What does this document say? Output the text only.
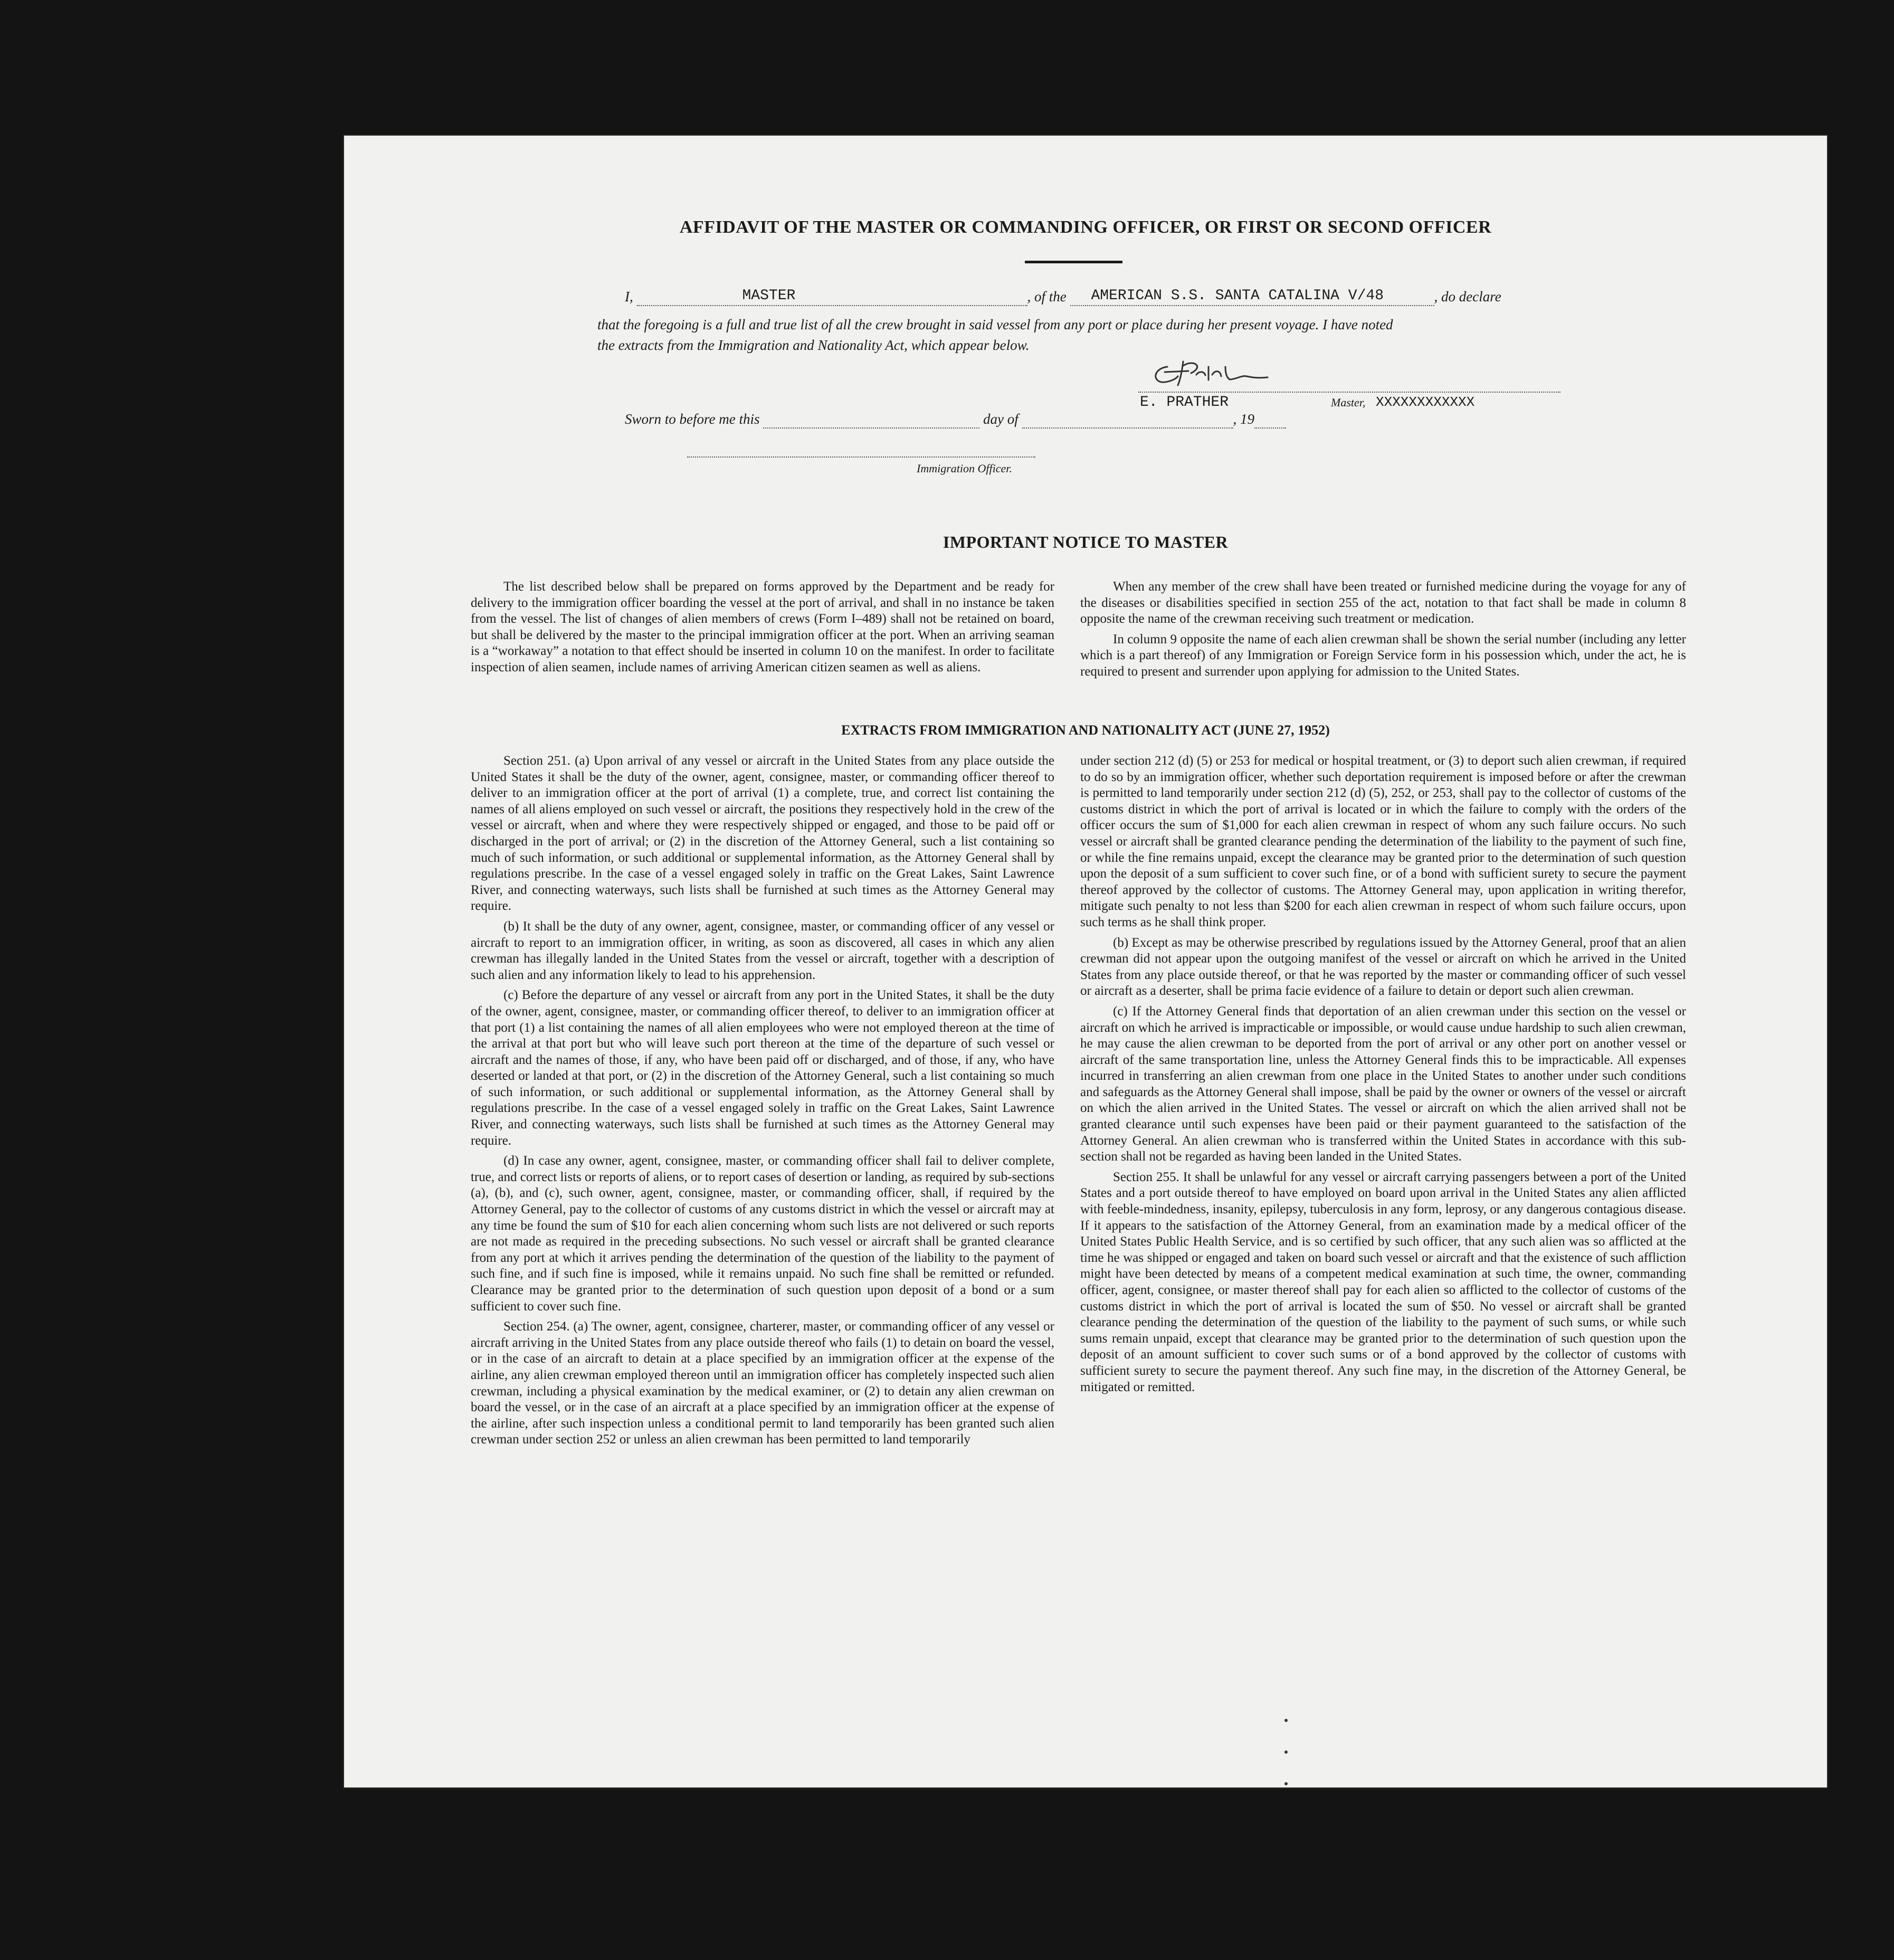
AFFIDAVIT OF THE MASTER OR COMMANDING OFFICER, OR FIRST OR SECOND OFFICER
I,	MASTER	, of the AMERICAN S.S. SANTA CATALINA V/48	, do declare
that the foregoing is a full and true list of all the crew brought in said vessel from any port or place during her present voyage. I have noted
the extracts from the Immigration and Nationality Act, which appear below.
E. PRATHER	Master, XXXXXXXXXXXX
Sworn to before me this	day of	, 19
Immigration Officer.
IMPORTANT NOTICE TO MASTER

The list described below shall be prepared on forms approved by the Department and be ready for delivery to the immigration officer boarding the vessel at the port of arrival, and shall in no instance be taken from the vessel. The list of changes of alien members of crews (Form I–489) shall not be retained on board, but shall be delivered by the master to the principal immigration officer at the port. When an arriving seaman is a “workaway” a notation to that effect should be inserted in column 10 on the manifest. In order to facilitate inspection of alien seamen, include names of arriving American citizen seamen as well as aliens.

When any member of the crew shall have been treated or furnished medicine during the voyage for any of the diseases or disabilities specified in section 255 of the act, notation to that fact shall be made in column 8 opposite the name of the crewman receiving such treatment or medication.

In column 9 opposite the name of each alien crewman shall be shown the serial number (including any letter which is a part thereof) of any Immigration or Foreign Service form in his possession which, under the act, he is required to present and surrender upon applying for admission to the United States.

EXTRACTS FROM IMMIGRATION AND NATIONALITY ACT (JUNE 27, 1952)

Section 251. (a) Upon arrival of any vessel or aircraft in the United States from any place outside the United States it shall be the duty of the owner, agent, consignee, master, or commanding officer thereof to deliver to an immigration officer at the port of arrival (1) a complete, true, and correct list containing the names of all aliens employed on such vessel or aircraft, the positions they respectively hold in the crew of the vessel or aircraft, when and where they were respectively shipped or engaged, and those to be paid off or discharged in the port of arrival; or (2) in the discretion of the Attorney General, such a list containing so much of such information, or such additional or supplemental information, as the Attorney General shall by regulations prescribe. In the case of a vessel engaged solely in traffic on the Great Lakes, Saint Lawrence River, and connecting waterways, such lists shall be furnished at such times as the Attorney General may require.

(b) It shall be the duty of any owner, agent, consignee, master, or commanding officer of any vessel or aircraft to report to an immigration officer, in writing, as soon as discovered, all cases in which any alien crewman has illegally landed in the United States from the vessel or aircraft, together with a description of such alien and any information likely to lead to his apprehension.

(c) Before the departure of any vessel or aircraft from any port in the United States, it shall be the duty of the owner, agent, consignee, master, or commanding officer thereof, to deliver to an immigration officer at that port (1) a list containing the names of all alien employees who were not employed thereon at the time of the arrival at that port but who will leave such port thereon at the time of the departure of such vessel or aircraft and the names of those, if any, who have been paid off or discharged, and of those, if any, who have deserted or landed at that port, or (2) in the discretion of the Attorney General, such a list containing so much of such information, or such additional or supplemental information, as the Attorney General shall by regulations prescribe. In the case of a vessel engaged solely in traffic on the Great Lakes, Saint Lawrence River, and connecting waterways, such lists shall be furnished at such times as the Attorney General may require.

(d) In case any owner, agent, consignee, master, or commanding officer shall fail to deliver complete, true, and correct lists or reports of aliens, or to report cases of desertion or landing, as required by sub-sections (a), (b), and (c), such owner, agent, consignee, master, or commanding officer, shall, if required by the Attorney General, pay to the collector of customs of any customs district in which the vessel or aircraft may at any time be found the sum of $10 for each alien concerning whom such lists are not delivered or such reports are not made as required in the preceding subsections. No such vessel or aircraft shall be granted clearance from any port at which it arrives pending the determination of the question of the liability to the payment of such fine, and if such fine is imposed, while it remains unpaid. No such fine shall be remitted or refunded. Clearance may be granted prior to the determination of such question upon deposit of a bond or a sum sufficient to cover such fine.

Section 254. (a) The owner, agent, consignee, charterer, master, or commanding officer of any vessel or aircraft arriving in the United States from any place outside thereof who fails (1) to detain on board the vessel, or in the case of an aircraft to detain at a place specified by an immigration officer at the expense of the airline, any alien crewman employed thereon until an immigration officer has completely inspected such alien crewman, including a physical examination by the medical examiner, or (2) to detain any alien crewman on board the vessel, or in the case of an aircraft at a place specified by an immigration officer at the expense of the airline, after such inspection unless a conditional permit to land temporarily has been granted such alien crewman under section 252 or unless an alien crewman has been permitted to land temporarily

under section 212 (d) (5) or 253 for medical or hospital treatment, or (3) to deport such alien crewman, if required to do so by an immigration officer, whether such deportation requirement is imposed before or after the crewman is permitted to land temporarily under section 212 (d) (5), 252, or 253, shall pay to the collector of customs of the customs district in which the port of arrival is located or in which the failure to comply with the orders of the officer occurs the sum of $1,000 for each alien crewman in respect of whom any such failure occurs. No such vessel or aircraft shall be granted clearance pending the determination of the liability to the payment of such fine, or while the fine remains unpaid, except the clearance may be granted prior to the determination of such question upon the deposit of a sum sufficient to cover such fine, or of a bond with sufficient surety to secure the payment thereof approved by the collector of customs. The Attorney General may, upon application in writing therefor, mitigate such penalty to not less than $200 for each alien crewman in respect of whom such failure occurs, upon such terms as he shall think proper.

(b) Except as may be otherwise prescribed by regulations issued by the Attorney General, proof that an alien crewman did not appear upon the outgoing manifest of the vessel or aircraft on which he arrived in the United States from any place outside thereof, or that he was reported by the master or commanding officer of such vessel or aircraft as a deserter, shall be prima facie evidence of a failure to detain or deport such alien crewman.

(c) If the Attorney General finds that deportation of an alien crewman under this section on the vessel or aircraft on which he arrived is impracticable or impossible, or would cause undue hardship to such alien crewman, he may cause the alien crewman to be deported from the port of arrival or any other port on another vessel or aircraft of the same transportation line, unless the Attorney General finds this to be impracticable. All expenses incurred in transferring an alien crewman from one place in the United States to another under such conditions and safeguards as the Attorney General shall impose, shall be paid by the owner or owners of the vessel or aircraft on which the alien arrived in the United States. The vessel or aircraft on which the alien arrived shall not be granted clearance until such expenses have been paid or their payment guaranteed to the satisfaction of the Attorney General. An alien crewman who is transferred within the United States in accordance with this sub-section shall not be regarded as having been landed in the United States.

Section 255. It shall be unlawful for any vessel or aircraft carrying passengers between a port of the United States and a port outside thereof to have employed on board upon arrival in the United States any alien afflicted with feeble-mindedness, insanity, epilepsy, tuberculosis in any form, leprosy, or any dangerous contagious disease. If it appears to the satisfaction of the Attorney General, from an examination made by a medical officer of the United States Public Health Service, and is so certified by such officer, that any such alien was so afflicted at the time he was shipped or engaged and taken on board such vessel or aircraft and that the existence of such affliction might have been detected by means of a competent medical examination at such time, the owner, commanding officer, agent, consignee, or master thereof shall pay for each alien so afflicted to the collector of customs of the customs district in which the port of arrival is located the sum of $50. No vessel or aircraft shall be granted clearance pending the determination of the question of the liability to the payment of such sums, or while such sums remain unpaid, except that clearance may be granted prior to the determination of such question upon the deposit of an amount sufficient to cover such sums or of a bond approved by the collector of customs with sufficient surety to secure the payment thereof. Any such fine may, in the discretion of the Attorney General, be mitigated or remitted.
